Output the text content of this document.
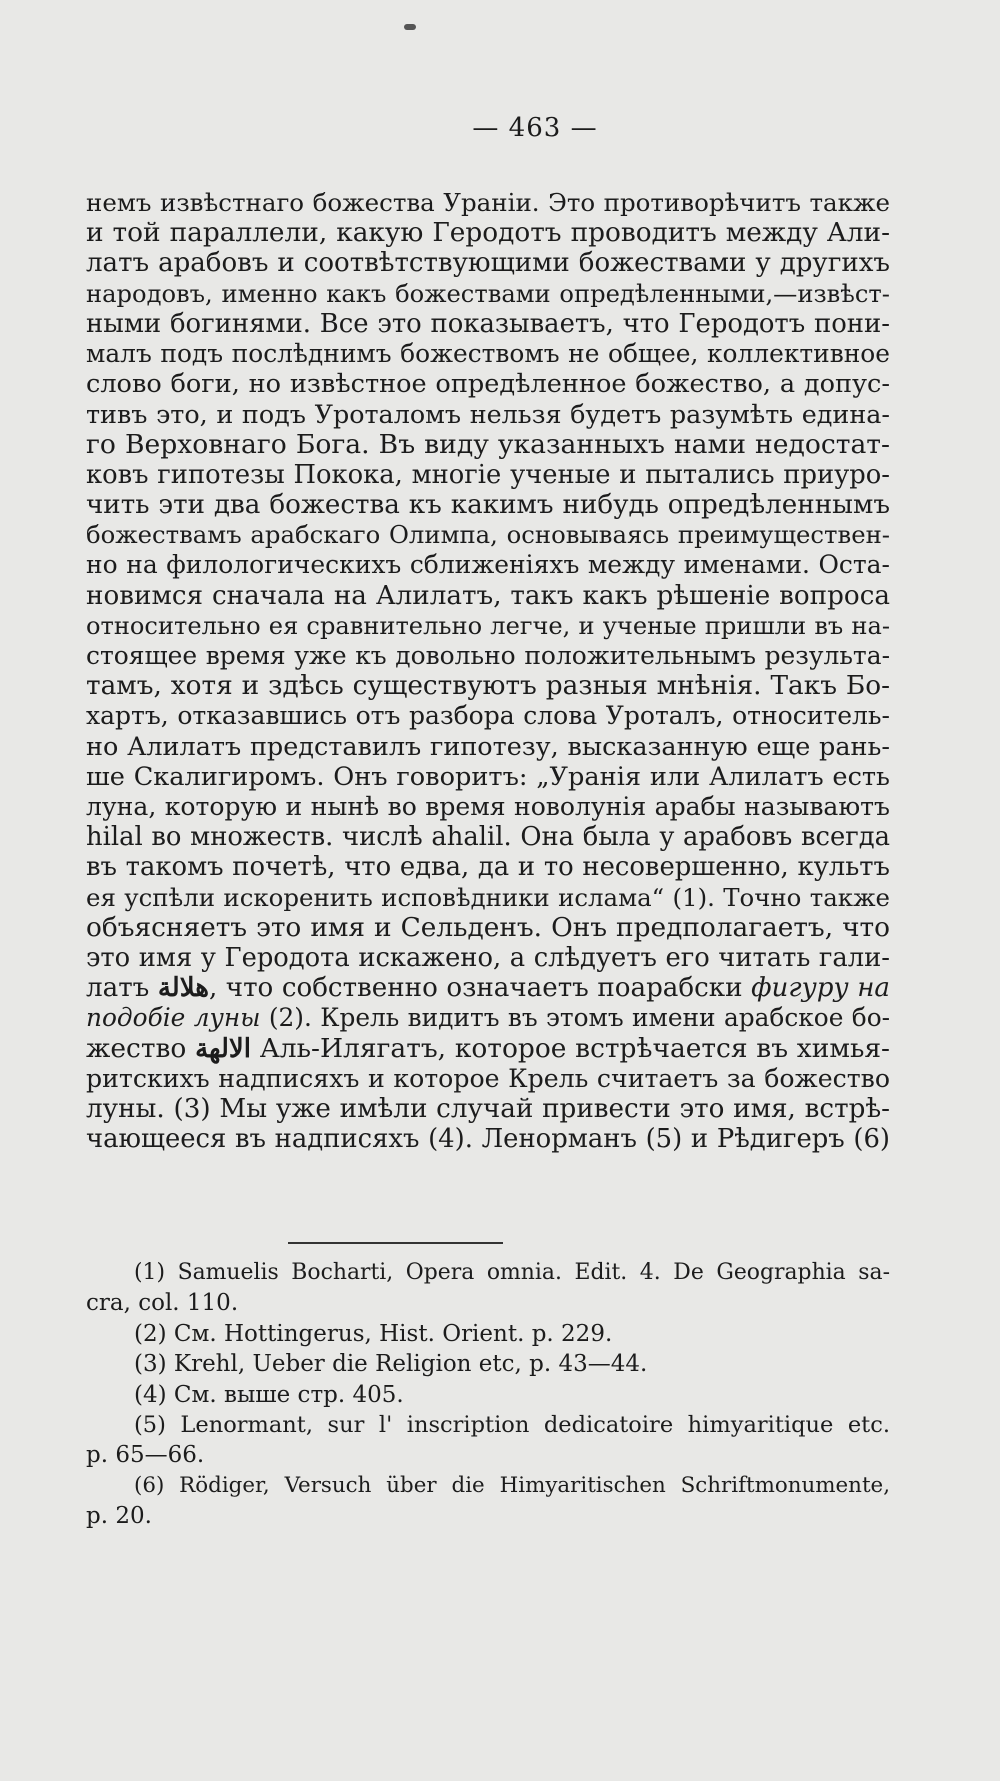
— 463 —
немъ извѣстнаго божества Ураніи. Это противорѣчитъ также
и той параллели, какую Геродотъ проводитъ между Али-
латъ арабовъ и соотвѣтствующими божествами у другихъ
народовъ, именно какъ божествами опредѣленными,—извѣст-
ными богинями. Все это показываетъ, что Геродотъ пони-
малъ подъ послѣднимъ божествомъ не общее, коллективное
слово боги, но извѣстное опредѣленное божество, а допус-
тивъ это, и подъ Уроталомъ нельзя будетъ разумѣть едина-
го Верховнаго Бога. Въ виду указанныхъ нами недостат-
ковъ гипотезы Покока, многіе ученые и пытались приуро-
чить эти два божества къ какимъ нибудь опредѣленнымъ
божествамъ арабскаго Олимпа, основываясь преимуществен-
но на филологическихъ сближеніяхъ между именами. Оста-
новимся сначала на Алилатъ, такъ какъ рѣшеніе вопроса
относительно ея сравнительно легче, и ученые пришли въ на-
стоящее время уже къ довольно положительнымъ результа-
тамъ, хотя и здѣсь существуютъ разныя мнѣнія. Такъ Бо-
хартъ, отказавшись отъ разбора слова Уроталъ, относитель-
но Алилатъ представилъ гипотезу, высказанную еще рань-
ше Скалигиромъ. Онъ говоритъ: „Уранія или Алилатъ есть
луна, которую и нынѣ во время новолунія арабы называютъ
hilal во множеств. числѣ ahalil. Она была у арабовъ всегда
въ такомъ почетѣ, что едва, да и то несовершенно, культъ
ея успѣли искоренить исповѣдники ислама“ (1). Точно также
объясняетъ это имя и Сельденъ. Онъ предполагаетъ, что
это имя у Геродота искажено, а слѣдуетъ его читать гали-
латъ هلالة, что собственно означаетъ поарабски фигуру на
подобіе луны (2). Крель видитъ въ этомъ имени арабское бо-
жество الالهة Аль-Илягатъ, которое встрѣчается въ химья-
ритскихъ надписяхъ и которое Крель считаетъ за божество
луны. (3) Мы уже имѣли случай привести это имя, встрѣ-
чающееся въ надписяхъ (4). Ленорманъ (5) и Рѣдигеръ (6)
(1) Samuelis Bocharti, Opera omnia. Edit. 4. De Geographia sa-
cra, col. 110.
(2) См. Hottingerus, Hist. Orient. p. 229.
(3) Krehl, Ueber die Religion etc, p. 43—44.
(4) См. выше стр. 405.
(5) Lenormant, sur l' inscription dedicatoire himyaritique etc.
p. 65—66.
(6) Rödiger, Versuch über die Himyaritischen Schriftmonumente,
p. 20.
